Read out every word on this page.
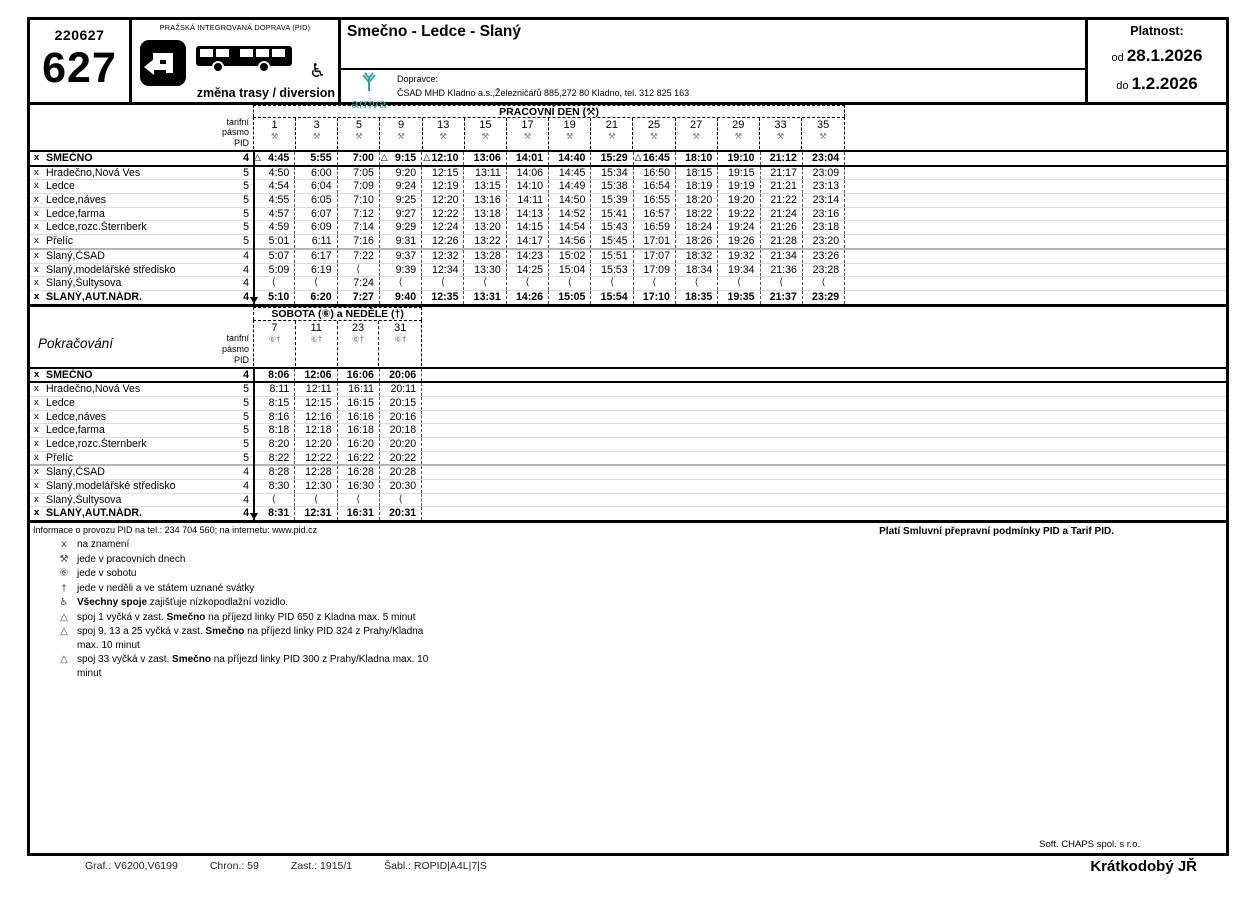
220627
627
PRAŽSKÁ INTEGROVANÁ DOPRAVA (PID)
♿
změna trasy / diversion
Smečno - Ledce - Slaný
arriva
Dopravce:
ČSAD MHD Kladno a.s.,Železničářů 885,272 80 Kladno, tel. 312 825 163
Platnost:
od 28.1.2026
do 1.2.2026
tarifní
pásmo
PID
PRACOVNÍ DEN (⚒)
1
⚒
3
⚒
5
⚒
9
⚒
13
⚒
15
⚒
17
⚒
19
⚒
21
⚒
25
⚒
27
⚒
29
⚒
33
⚒
35
⚒
x SMEČNO	4 △ 4:45	5:55	7:00 △ 9:15 △ 12:10	13:06	14:01	14:40	15:29 △ 16:45	18:10	19:10	21:12	23:04
x Hradečno,Nová Ves	5	4:50	6:00	7:05	9:20	12:15	13:11	14:06	14:45	15:34	16:50	18:15	19:15	21:17	23:09
x Ledce	5	4:54	6:04	7:09	9:24	12:19	13:15	14:10	14:49	15:38	16:54	18:19	19:19	21:21	23:13
x Ledce,náves	5	4:55	6:05	7:10	9:25	12:20	13:16	14:11	14:50	15:39	16:55	18:20	19:20	21:22	23:14
x Ledce,farma	5	4:57	6:07	7:12	9:27	12:22	13:18	14:13	14:52	15:41	16:57	18:22	19:22	21:24	23:16
x Ledce,rozc.Šternberk	5	4:59	6:09	7:14	9:29	12:24	13:20	14:15	14:54	15:43	16:59	18:24	19:24	21:26	23:18
x Přelíc	5	5:01	6:11	7:16	9:31	12:26	13:22	14:17	14:56	15:45	17:01	18:26	19:26	21:28	23:20
x Slaný,ČSAD	4	5:07	6:17	7:22	9:37	12:32	13:28	14:23	15:02	15:51	17:07	18:32	19:32	21:34	23:26
x Slaný,modelářské středisko	4	5:09	6:19	⟨	9:39	12:34	13:30	14:25	15:04	15:53	17:09	18:34	19:34	21:36	23:28
x Slaný,Šultysova	4	⟨	⟨	7:24	⟨	⟨	⟨	⟨	⟨	⟨	⟨	⟨	⟨	⟨	⟨
x SLANÝ,AUT.NÁDR.	4	5:10	6:20	7:27	9:40	12:35	13:31	14:26	15:05	15:54	17:10	18:35	19:35	21:37	23:29
Pokračování	tarifní
pásmo
PID
SOBOTA (⑥) a NEDĚLE (†)
7
⑥†
11
⑥†
23
⑥†
31
⑥†
x SMEČNO	4	8:06	12:06	16:06	20:06
x Hradečno,Nová Ves	5	8:11	12:11	16:11	20:11
x Ledce	5	8:15	12:15	16:15	20:15
x Ledce,náves	5	8:16	12:16	16:16	20:16
x Ledce,farma	5	8:18	12:18	16:18	20:18
x Ledce,rozc.Šternberk	5	8:20	12:20	16:20	20:20
x Přelíc	5	8:22	12:22	16:22	20:22
x Slaný,ČSAD	4	8:28	12:28	16:28	20:28
x Slaný,modelářské středisko	4	8:30	12:30	16:30	20:30
x Slaný,Šultysova	4	⟨	⟨	⟨	⟨
x SLANÝ,AUT.NÁDR.	4	8:31	12:31	16:31	20:31
Informace o provozu PID na tel.: 234 704 560; na internetu: www.pid.cz	Platí Smluvní přepravní podmínky PID a Tarif PID.
x	na znamení
⚒ jede v pracovních dnech
⑥ jede v sobotu
†	jede v neděli a ve státem uznané svátky
♿ Všechny spoje zajišťuje nízkopodlažní vozidlo.
△ spoj 1 vyčká v zast. Smečno na příjezd linky PID 650 z Kladna max. 5 minut
△ spoj 9, 13 a 25 vyčká v zast. Smečno na příjezd linky PID 324 z Prahy/Kladna max. 10 minut
△ spoj 33 vyčká v zast. Smečno na příjezd linky PID 300 z Prahy/Kladna max. 10 minut
Soft. CHAPS spol. s r.o.
Graf.: V6200,V6199	Chron.: 59	Zast.: 1915/1	Šabl.: ROPID|A4L|7|S	Krátkodobý JŘ
